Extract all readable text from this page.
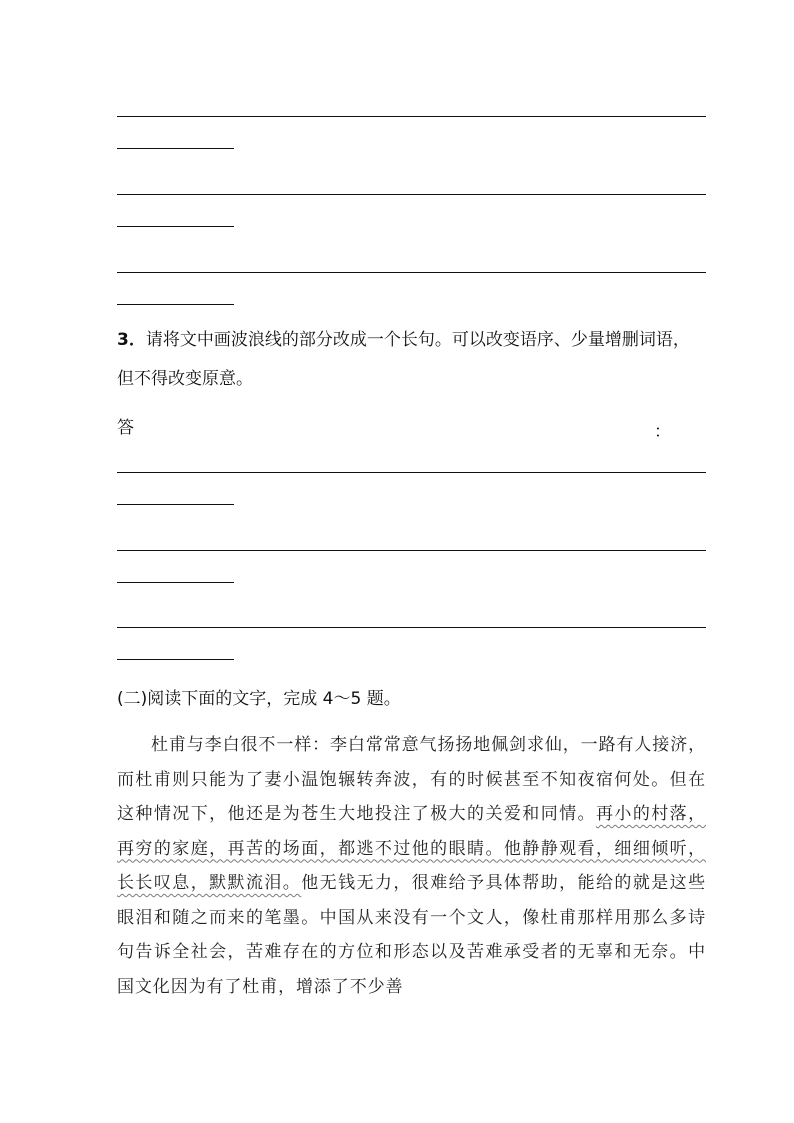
3．请将文中画波浪线的部分改成一个长句。可以改变语序、少量增删词语，但不得改变原意。

答	：

(二)阅读下面的文字，完成 4～5 题。

杜甫与李白很不一样：李白常常意气扬扬地佩剑求仙，一路有人接济，而杜甫则只能为了妻小温饱辗转奔波，有的时候甚至不知夜宿何处。但在这种情况下，他还是为苍生大地投注了极大的关爱和同情。再小的村落，再穷的家庭，再苦的场面，都逃不过他的眼睛。他静静观看，细细倾听，长长叹息，默默流泪。他无钱无力，很难给予具体帮助，能给的就是这些眼泪和随之而来的笔墨。中国从来没有一个文人，像杜甫那样用那么多诗句告诉全社会，苦难存在的方位和形态以及苦难承受者的无辜和无奈。中国文化因为有了杜甫，增添了不少善
